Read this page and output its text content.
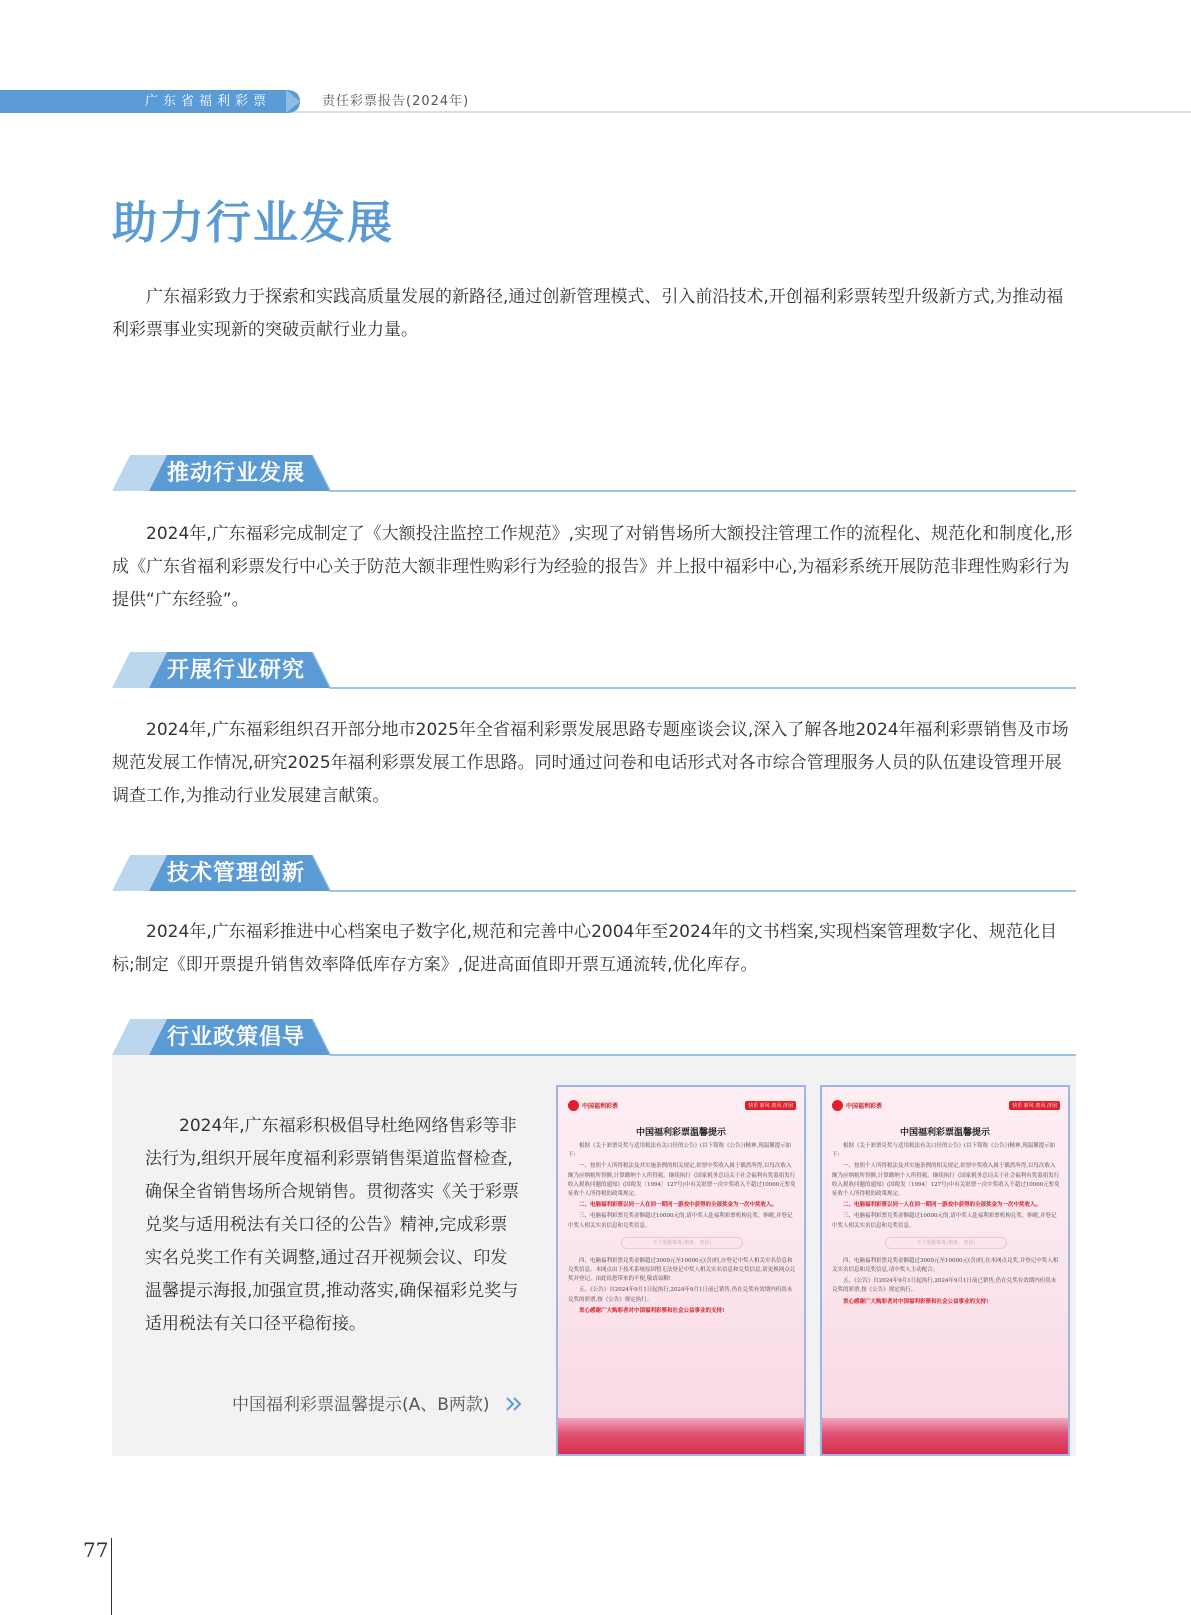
广东省福利彩票	责任彩票报告(2024年)
助力行业发展

广东福彩致力于探索和实践高质量发展的新路径,通过创新管理模式、引入前沿技术,开创福利彩票转型升级新方式,为推动福利彩票事业实现新的突破贡献行业力量。

推动行业发展

2024年,广东福彩完成制定了《大额投注监控工作规范》,实现了对销售场所大额投注管理工作的流程化、规范化和制度化,形成《广东省福利彩票发行中心关于防范大额非理性购彩行为经验的报告》并上报中福彩中心,为福彩系统开展防范非理性购彩行为提供“广东经验”。

开展行业研究

2024年,广东福彩组织召开部分地市2025年全省福利彩票发展思路专题座谈会议,深入了解各地2024年福利彩票销售及市场规范发展工作情况,研究2025年福利彩票发展工作思路。同时通过问卷和电话形式对各市综合管理服务人员的队伍建设管理开展调查工作,为推动行业发展建言献策。

技术管理创新

2024年,广东福彩推进中心档案电子数字化,规范和完善中心2004年至2024年的文书档案,实现档案管理数字化、规范化目标;制定《即开票提升销售效率降低库存方案》,促进高面值即开票互通流转,优化库存。

行业政策倡导

2024年,广东福彩积极倡导杜绝网络售彩等非法行为,组织开展年度福利彩票销售渠道监督检查,确保全省销售场所合规销售。贯彻落实《关于彩票兑奖与适用税法有关口径的公告》精神,完成彩票实名兑奖工作有关调整,通过召开视频会议、印发温馨提示海报,加强宣贯,推动落实,确保福彩兑奖与适用税法有关口径平稳衔接。

中国福利彩票温馨提示(A、B两款)
中国福利彩票	快乐 新风 善风 济困
中国福利彩票温馨提示

根据《关于彩票兑奖与适用税法有关口径的公告》(以下简称《公告》)精神,现温馨提示如下:

一、按照个人所得税法及其实施条例的相关规定,彩票中奖收入属于偶然所得,以每次收入额为应纳税所得额,计算缴纳个人所得税。继续执行《国家税务总局关于社会福利有奖募捐发行收入税收问题的通知》(国税发〔1994〕127号)中有关彩票一次中奖收入不超过10000元暂免征收个人所得税的政策规定。

二、电脑福利彩票以同一人在同一期同一游戏中获得的全部奖金为一次中奖收入。

三、电脑福利彩票兑奖金额超过10000元的,请中奖人赴福利彩票机构兑奖、纳税,并登记中奖人相关实名信息和兑奖信息。

不干胶粘贴处(地址、电话)

四、电脑福利彩票兑奖金额超过3000元至10000元(含)的,应登记中奖人相关实名信息和兑奖信息。本网点由于技术系统原因暂无法登记中奖人相关实名信息和兑奖信息,请更换网点兑奖并登记。由此给您带来的不便,敬请谅解!

五、《公告》自2024年9月1日起执行,2024年9月1日前已销售,仍在兑奖有效期内但尚未兑奖的彩票,按《公告》规定执行。

衷心感谢广大购彩者对中国福利彩票和社会公益事业的支持!

中国福利彩票	快乐 新风 善风 济困
中国福利彩票温馨提示

根据《关于彩票兑奖与适用税法有关口径的公告》(以下简称《公告》)精神,现温馨提示如下:

一、按照个人所得税法及其实施条例的相关规定,彩票中奖收入属于偶然所得,以每次收入额为应纳税所得额,计算缴纳个人所得税。继续执行《国家税务总局关于社会福利有奖募捐发行收入税收问题的通知》(国税发〔1994〕127号)中有关彩票一次中奖收入不超过10000元暂免征收个人所得税的政策规定。

二、电脑福利彩票以同一人在同一期同一游戏中获得的全部奖金为一次中奖收入。

三、电脑福利彩票兑奖金额超过10000元的,请中奖人赴福利彩票机构兑奖、纳税,并登记中奖人相关实名信息和兑奖信息。

不干胶粘贴处(地址、电话)

四、电脑福利彩票兑奖金额超过3000元至10000元(含)的,在本网点兑奖,并登记中奖人相关实名信息和兑奖信息,请中奖人主动配合。

五、《公告》自2024年9月1日起执行,2024年9月1日前已销售,仍在兑奖有效期内但尚未兑奖的彩票,按《公告》规定执行。

衷心感谢广大购彩者对中国福利彩票和社会公益事业的支持!

77
